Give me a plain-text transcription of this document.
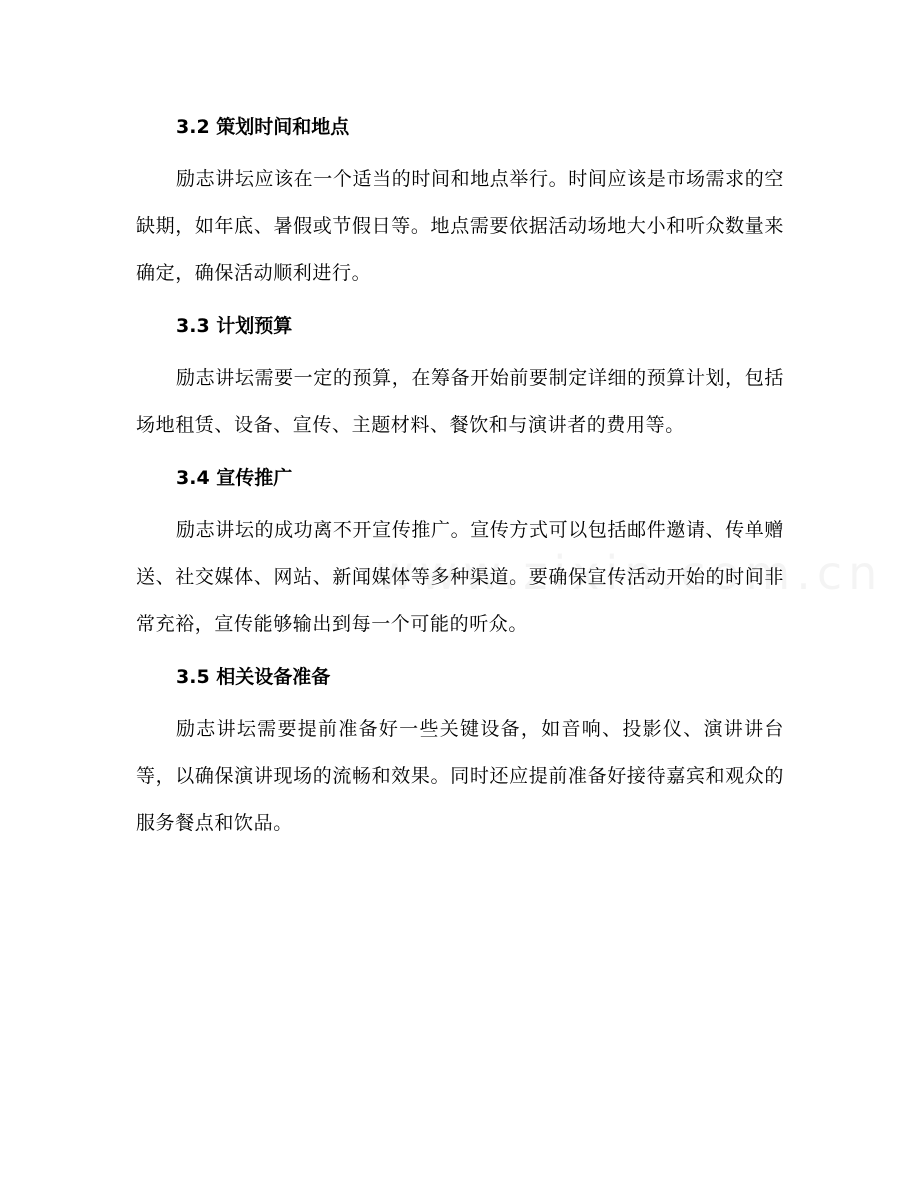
3.2 策划时间和地点

励志讲坛应该在一个适当的时间和地点举行。时间应该是市场需求的空缺期，如年底、暑假或节假日等。地点需要依据活动场地大小和听众数量来确定，确保活动顺利进行。

3.3 计划预算

励志讲坛需要一定的预算，在筹备开始前要制定详细的预算计划，包括场地租赁、设备、宣传、主题材料、餐饮和与演讲者的费用等。

3.4 宣传推广

励志讲坛的成功离不开宣传推广。宣传方式可以包括邮件邀请、传单赠送、社交媒体、网站、新闻媒体等多种渠道。要确保宣传活动开始的时间非常充裕，宣传能够输出到每一个可能的听众。

3.5 相关设备准备

励志讲坛需要提前准备好一些关键设备，如音响、投影仪、演讲讲台等，以确保演讲现场的流畅和效果。同时还应提前准备好接待嘉宾和观众的服务餐点和饮品。
